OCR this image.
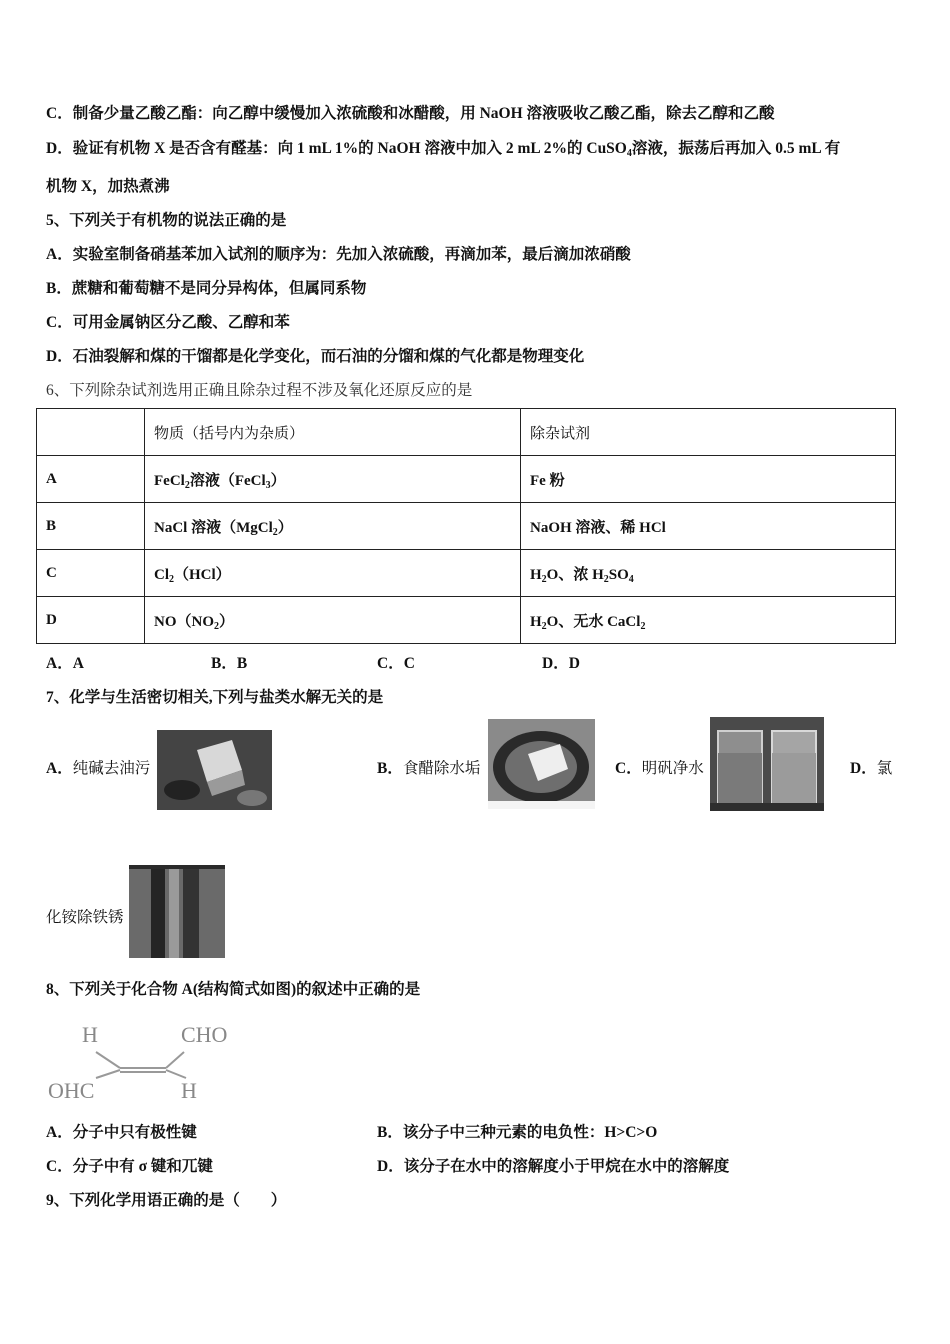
C．制备少量乙酸乙酯：向乙醇中缓慢加入浓硫酸和冰醋酸，用 NaOH 溶液吸收乙酸乙酯，除去乙醇和乙酸
D．验证有机物 X 是否含有醛基：向 1 mL 1%的 NaOH 溶液中加入 2 mL 2%的 CuSO$_4$溶液，振荡后再加入 0.5 mL 有
机物 X，加热煮沸
5、下列关于有机物的说法正确的是
A．实验室制备硝基苯加入试剂的顺序为：先加入浓硫酸，再滴加苯，最后滴加浓硝酸
B．蔗糖和葡萄糖不是同分异构体，但属同系物
C．可用金属钠区分乙酸、乙醇和苯
D．石油裂解和煤的干馏都是化学变化，而石油的分馏和煤的气化都是物理变化
6、下列除杂试剂选用正确且除杂过程不涉及氧化还原反应的是
	物质（括号内为杂质）	除杂试剂
A	FeCl$_2$溶液（FeCl$_3$）	Fe 粉
B	NaCl 溶液（MgCl$_2$）	NaOH 溶液、稀 HCl
C	$Cl_2(HCl)$	$H_2O$、浓 $H_2SO_4$
D	$NO(NO_2)$	$H_2O$、无水 CaCl$_2$
A．A	B．B	C．C	D．D
7、化学与生活密切相关,下列与盐类水解无关的是
A．纯碱去油污	B．食醋除水垢	C．明矾净水	D．氯
化铵除铁锈
8、下列关于化合物 A(结构简式如图)的叙述中正确的是
H	CHO
OHC	H
A．分子中只有极性键	B．该分子中三种元素的电负性：H>C>O
C．分子中有 σ 键和兀键	D．该分子在水中的溶解度小于甲烷在水中的溶解度
9、下列化学用语正确的是（　　）
